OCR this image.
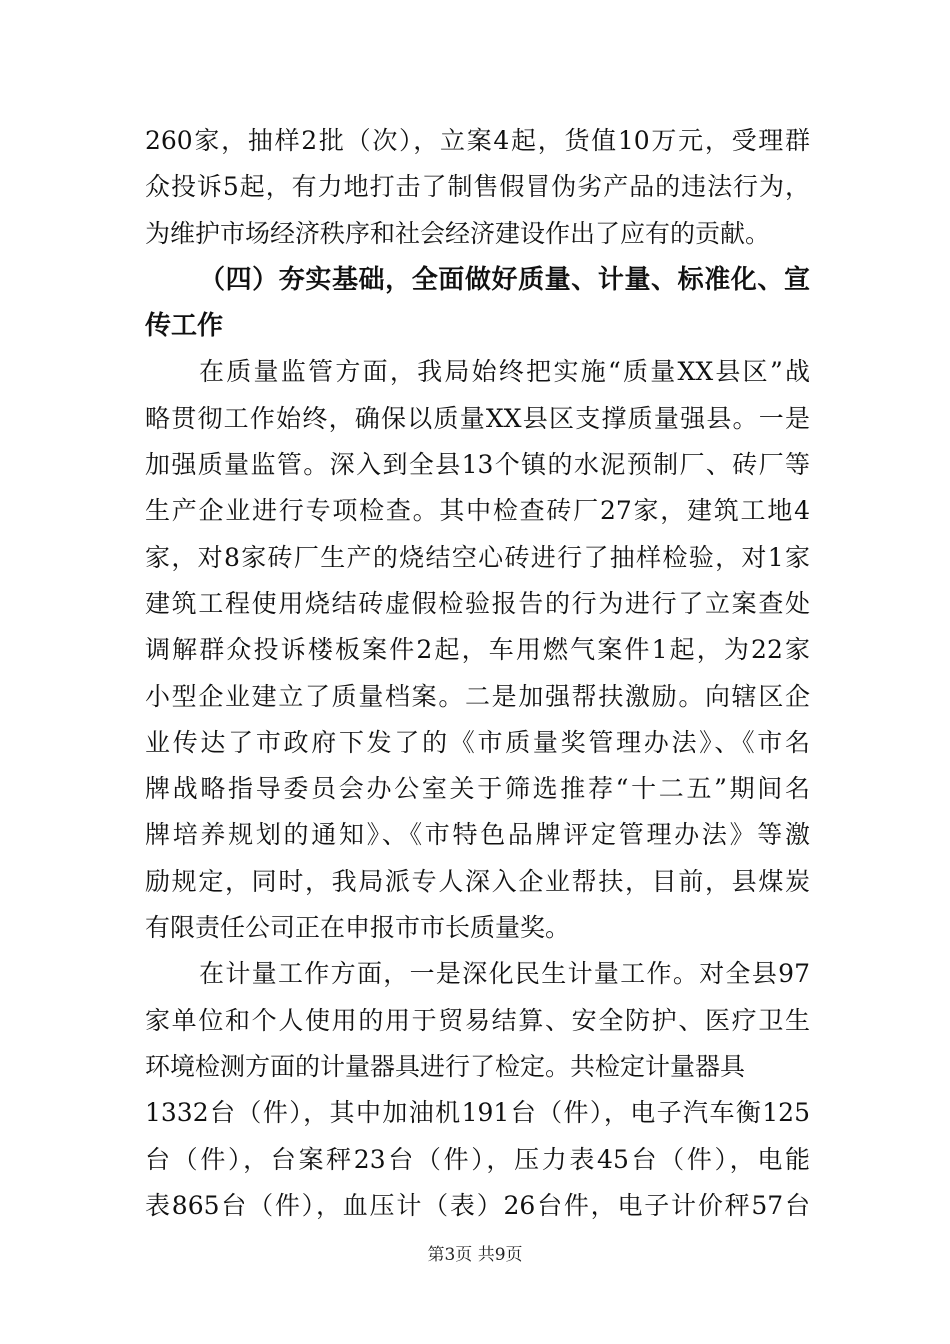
260家，抽样2批（次），立案4起，货值10万元，受理群
众投诉5起，有力地打击了制售假冒伪劣产品的违法行为，
为维护市场经济秩序和社会经济建设作出了应有的贡献。
（四）夯实基础，全面做好质量、计量、标准化、宣
传工作
在质量监管方面，我局始终把实施“质量XX县区”战
略贯彻工作始终，确保以质量XX县区支撑质量强县。一是
加强质量监管。深入到全县13个镇的水泥预制厂、砖厂等
生产企业进行专项检查。其中检查砖厂27家，建筑工地4
家，对8家砖厂生产的烧结空心砖进行了抽样检验，对1家
建筑工程使用烧结砖虚假检验报告的行为进行了立案查处
调解群众投诉楼板案件2起，车用燃气案件1起，为22家
小型企业建立了质量档案。二是加强帮扶激励。向辖区企
业传达了市政府下发了的《市质量奖管理办法》、《市名
牌战略指导委员会办公室关于筛选推荐“十二五”期间名
牌培养规划的通知》、《市特色品牌评定管理办法》等激
励规定，同时，我局派专人深入企业帮扶，目前，县煤炭
有限责任公司正在申报市市长质量奖。
在计量工作方面，一是深化民生计量工作。对全县97
家单位和个人使用的用于贸易结算、安全防护、医疗卫生
环境检测方面的计量器具进行了检定。共检定计量器具
1332台（件），其中加油机191台（件），电子汽车衡125
台（件），台案秤23台（件），压力表45台（件），电能
表865台（件），血压计（表）26台件，电子计价秤57台
第3页 共9页
